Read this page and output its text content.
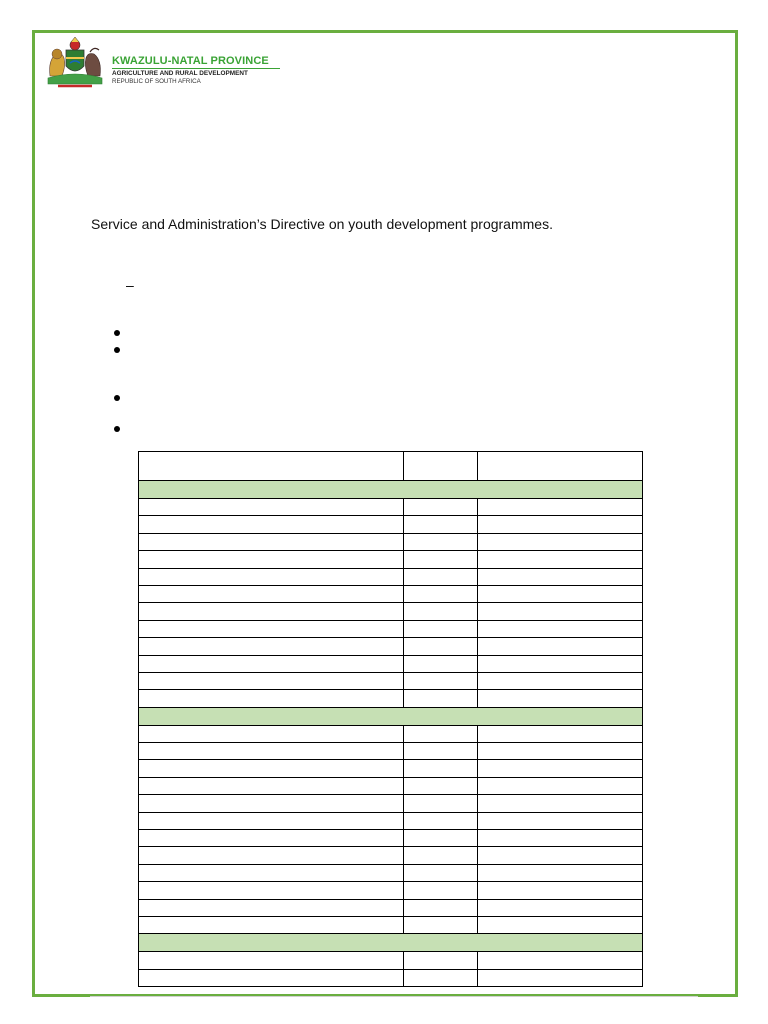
KWAZULU-NATAL PROVINCE
AGRICULTURE AND RURAL DEVELOPMENT
REPUBLIC OF SOUTH AFRICA
Service and Administration’s Directive on youth development programmes.
–
